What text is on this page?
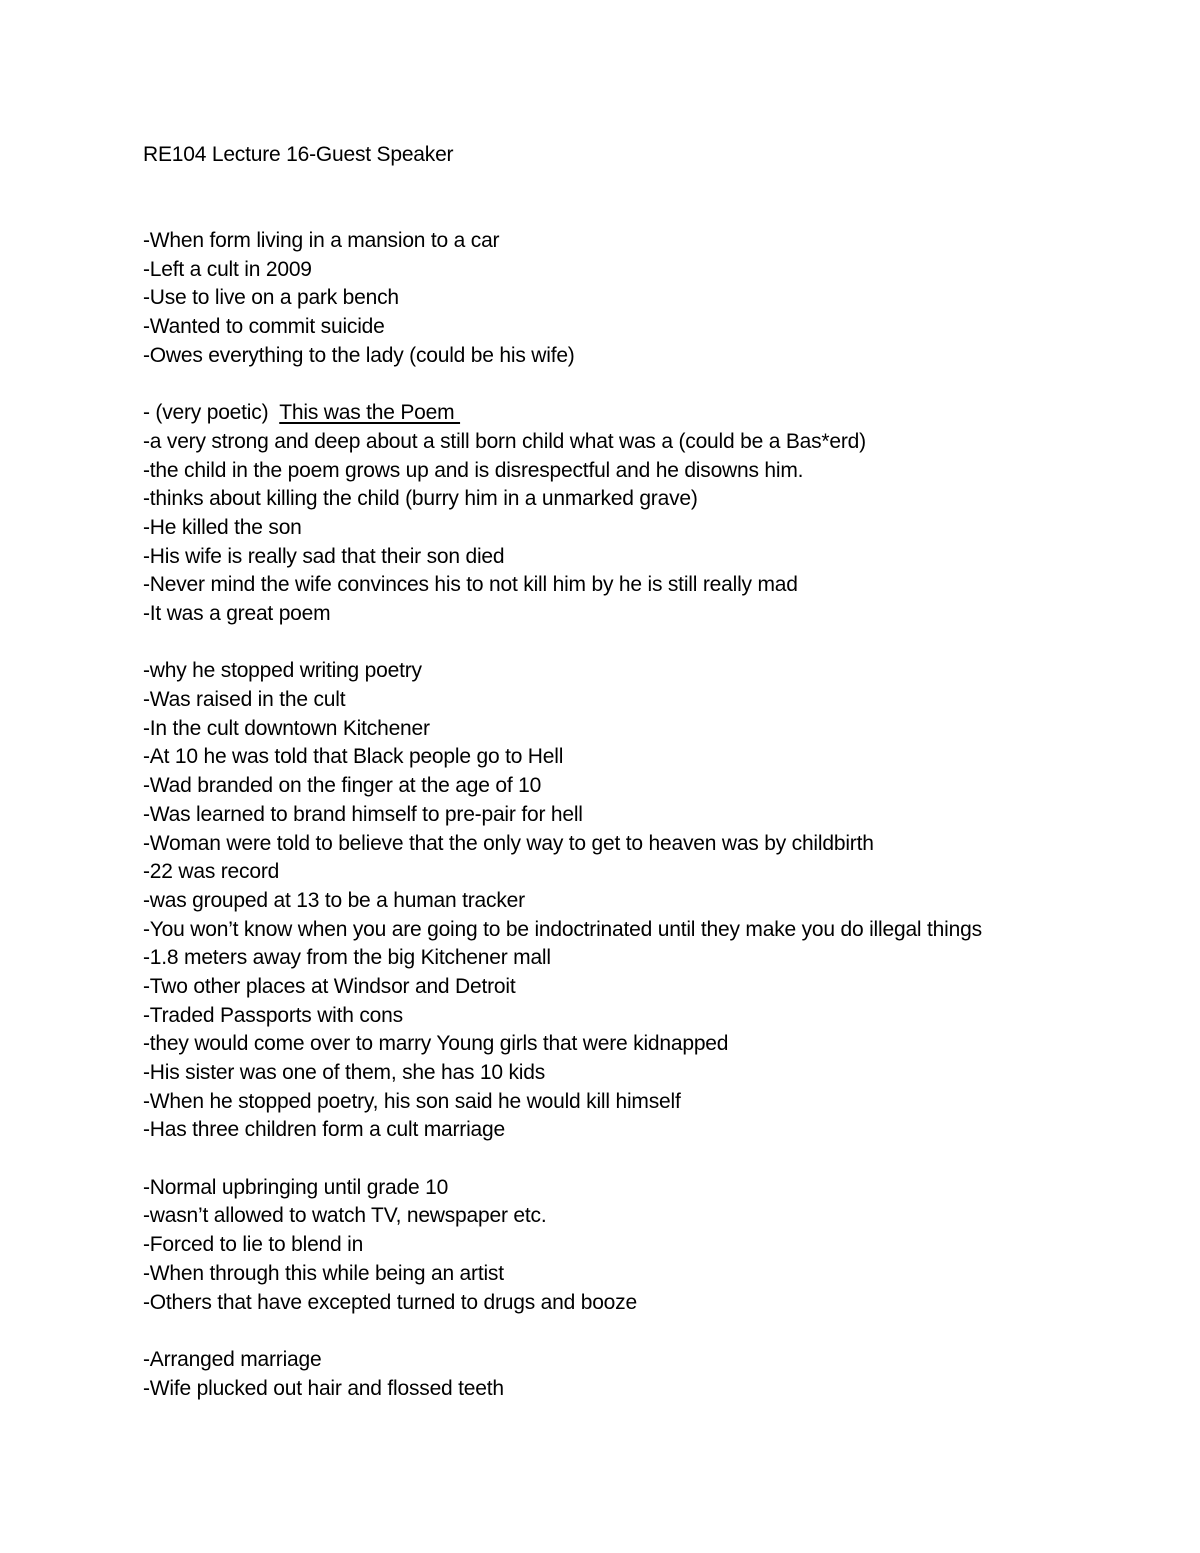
RE104 Lecture 16-Guest Speaker
-When form living in a mansion to a car
-Left a cult in 2009
-Use to live on a park bench
-Wanted to commit suicide
-Owes everything to the lady (could be his wife)
- (very poetic)  This was the Poem
-a very strong and deep about a still born child what was a (could be a Bas*erd)
-the child in the poem grows up and is disrespectful and he disowns him.
-thinks about killing the child (burry him in a unmarked grave)
-He killed the son
-His wife is really sad that their son died
-Never mind the wife convinces his to not kill him by he is still really mad
-It was a great poem
-why he stopped writing poetry
-Was raised in the cult
-In the cult downtown Kitchener
-At 10 he was told that Black people go to Hell
-Wad branded on the finger at the age of 10
-Was learned to brand himself to pre-pair for hell
-Woman were told to believe that the only way to get to heaven was by childbirth
-22 was record
-was grouped at 13 to be a human tracker
-You won’t know when you are going to be indoctrinated until they make you do illegal things
-1.8 meters away from the big Kitchener mall
-Two other places at Windsor and Detroit
-Traded Passports with cons
-they would come over to marry Young girls that were kidnapped
-His sister was one of them, she has 10 kids
-When he stopped poetry, his son said he would kill himself
-Has three children form a cult marriage
-Normal upbringing until grade 10
-wasn’t allowed to watch TV, newspaper etc.
-Forced to lie to blend in
-When through this while being an artist
-Others that have excepted turned to drugs and booze
-Arranged marriage
-Wife plucked out hair and flossed teeth
